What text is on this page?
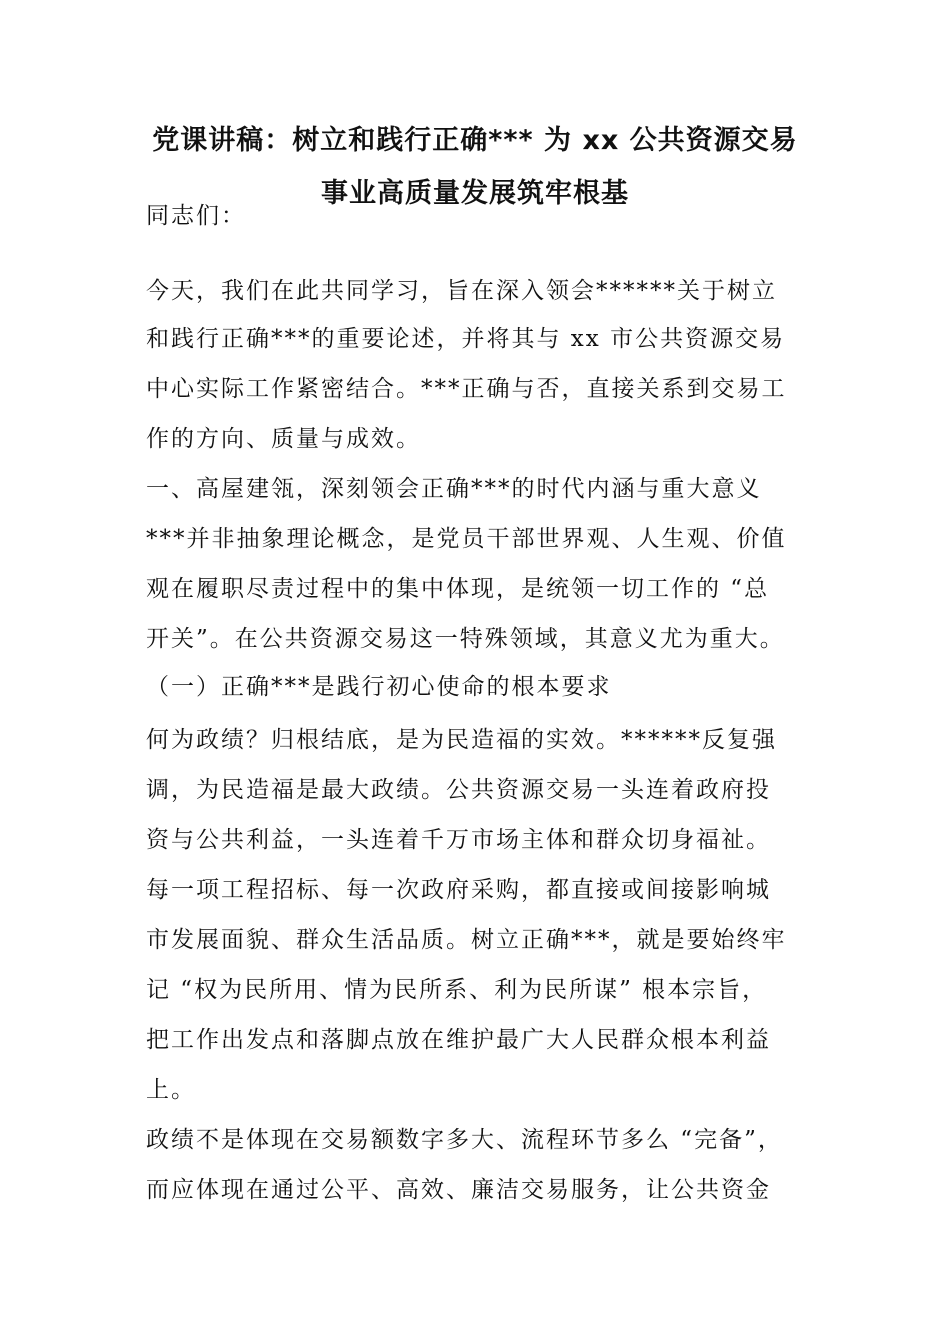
党课讲稿：树立和践行正确*** 为 xx 公共资源交易
事业高质量发展筑牢根基
同志们：
今天，我们在此共同学习，旨在深入领会******关于树立
和践行正确***的重要论述，并将其与 xx 市公共资源交易
中心实际工作紧密结合。***正确与否，直接关系到交易工
作的方向、质量与成效。
一、高屋建瓴，深刻领会正确***的时代内涵与重大意义
***并非抽象理论概念，是党员干部世界观、人生观、价值
观在履职尽责过程中的集中体现，是统领一切工作的 “总
开关”。在公共资源交易这一特殊领域，其意义尤为重大。
（一）正确***是践行初心使命的根本要求
何为政绩？归根结底，是为民造福的实效。******反复强
调，为民造福是最大政绩。公共资源交易一头连着政府投
资与公共利益，一头连着千万市场主体和群众切身福祉。
每一项工程招标、每一次政府采购，都直接或间接影响城
市发展面貌、群众生活品质。树立正确***，就是要始终牢
记 “权为民所用、情为民所系、利为民所谋” 根本宗旨，
把工作出发点和落脚点放在维护最广大人民群众根本利益
上。
政绩不是体现在交易额数字多大、流程环节多么 “完备”，
而应体现在通过公平、高效、廉洁交易服务，让公共资金
